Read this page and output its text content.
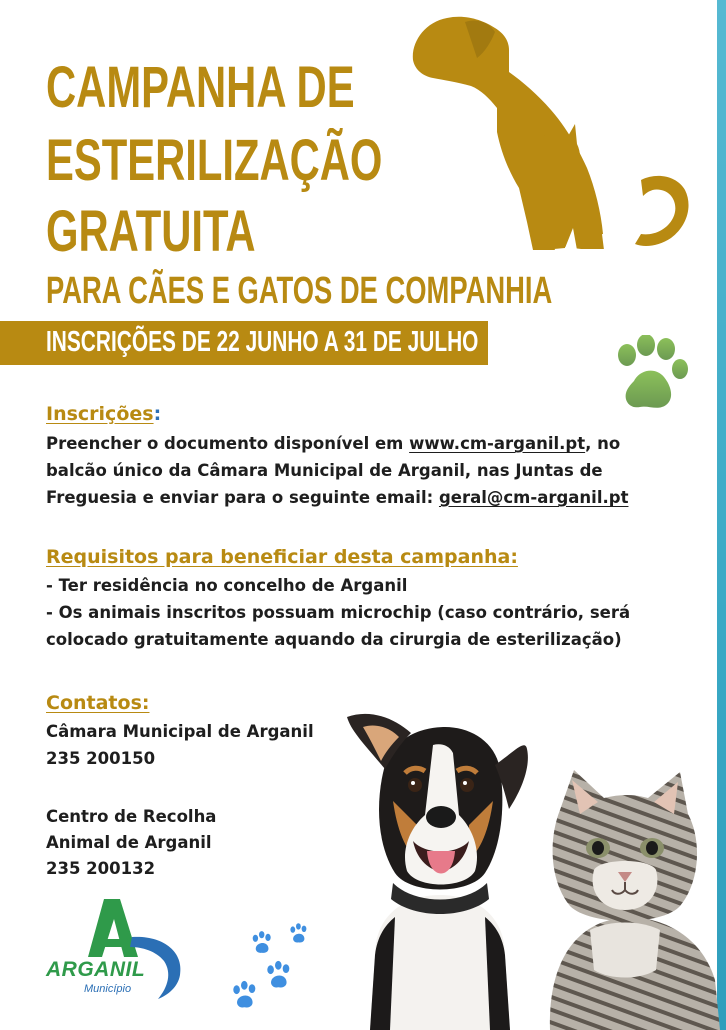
CAMPANHA DE
ESTERILIZAÇÃO
GRATUITA
PARA CÃES E GATOS DE COMPANHIA
INSCRIÇÕES DE 22 JUNHO A 31 DE JULHO
Inscrições:

Preencher o documento disponível em www.cm-arganil.pt, no balcão único da Câmara Municipal de Arganil, nas Juntas de Freguesia e enviar para o seguinte email: geral@cm-arganil.pt

Requisitos para beneficiar desta campanha:

- Ter residência no concelho de Arganil

- Os animais inscritos possuam microchip (caso contrário, será colocado gratuitamente aquando da cirurgia de esterilização)

Contatos:

Câmara Municipal de Arganil

235 200150

Centro de Recolha

Animal de Arganil

235 200132

ARGANIL
Município
